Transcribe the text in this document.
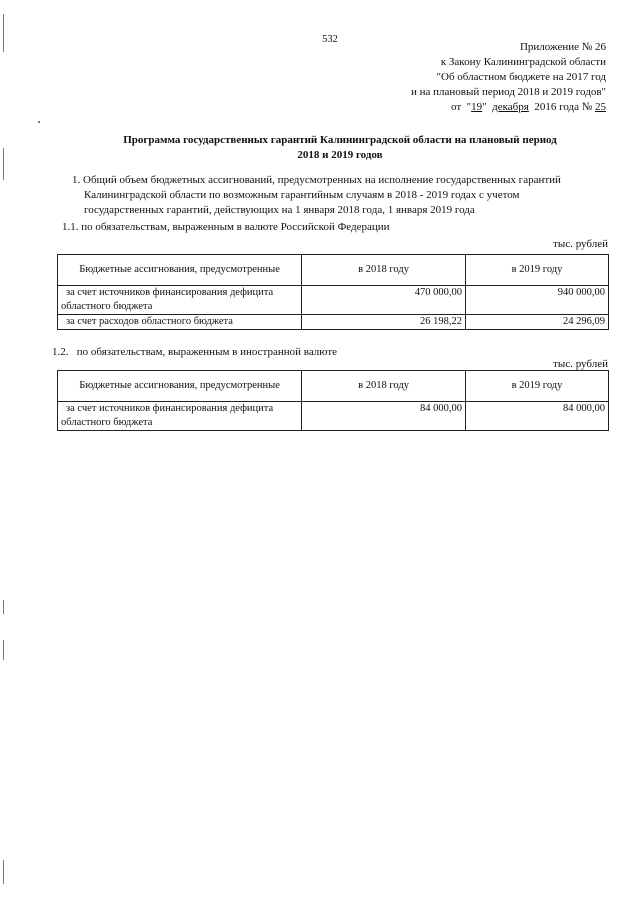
532
Приложение № 26
к Закону Калининградской области
"Об областном бюджете на 2017 год
и на плановый период 2018 и 2019 годов"
от  "19"  декабря  2016 года № 25
Программа государственных гарантий Калининградской области на плановый период
2018 и 2019 годов
1. Общий объем бюджетных ассигнований, предусмотренных на исполнение государственных гарантий
Калининградской области по возможным гарантийным случаям в 2018 - 2019 годах с учетом
государственных гарантий, действующих на 1 января 2018 года, 1 января 2019 года
1.1. по обязательствам, выраженным в валюте Российской Федерации
тыс. рублей
Бюджетные ассигнования, предусмотренные	в 2018 году	в 2019 году

за счет источников финансирования дефицита
областного бюджета	470 000,00	940 000,00

за счет расходов областного бюджета	26 198,22	24 296,09
1.2.   по обязательствам, выраженным в иностранной валюте
тыс. рублей
Бюджетные ассигнования, предусмотренные	в 2018 году	в 2019 году

за счет источников финансирования дефицита
областного бюджета	84 000,00	84 000,00
